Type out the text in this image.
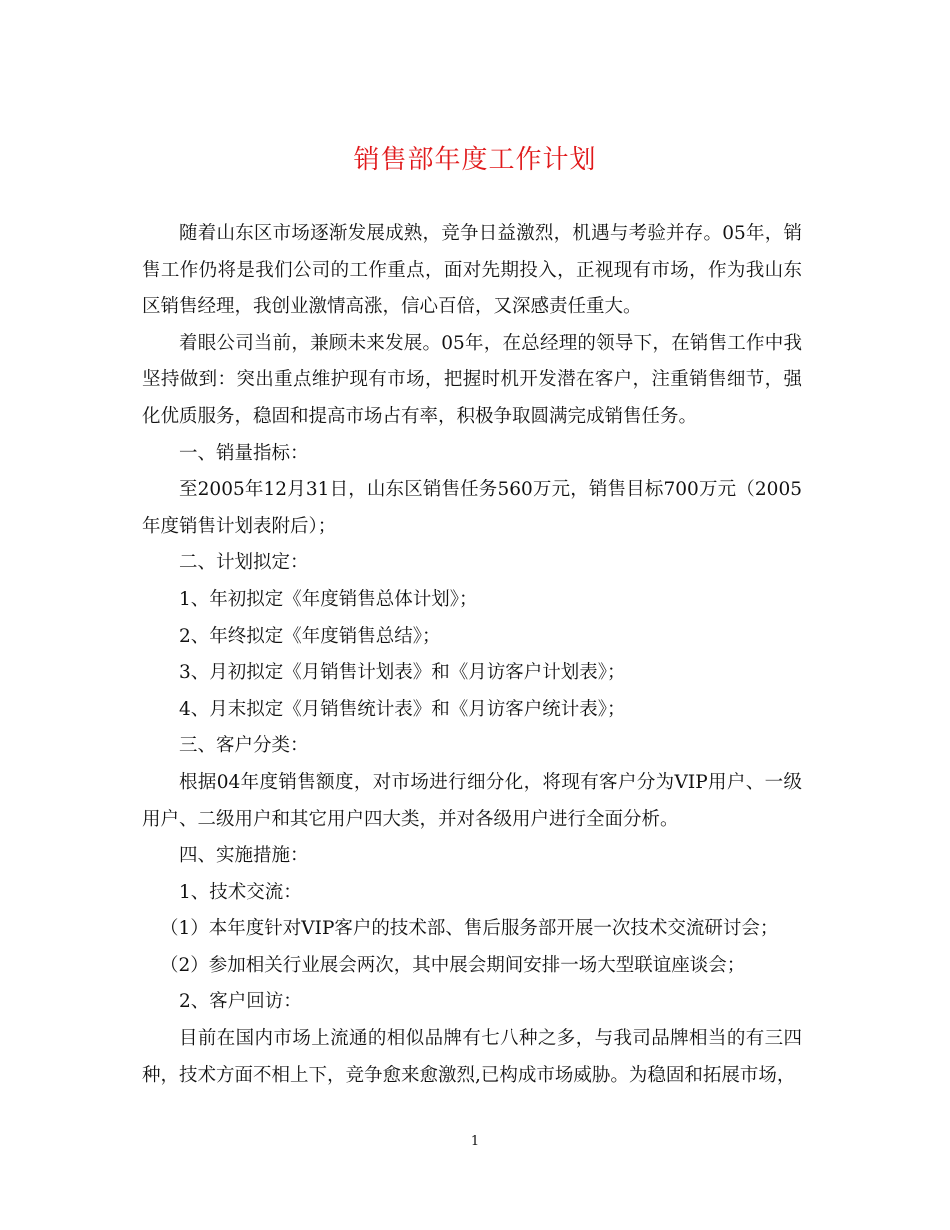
销售部年度工作计划

随着山东区市场逐渐发展成熟，竞争日益激烈，机遇与考验并存。05年，销售工作仍将是我们公司的工作重点，面对先期投入，正视现有市场，作为我山东区销售经理，我创业激情高涨，信心百倍，又深感责任重大。

着眼公司当前，兼顾未来发展。05年，在总经理的领导下，在销售工作中我坚持做到：突出重点维护现有市场，把握时机开发潜在客户，注重销售细节，强化优质服务，稳固和提高市场占有率，积极争取圆满完成销售任务。

一、销量指标：

至2005年12月31日，山东区销售任务560万元，销售目标700万元（2005年度销售计划表附后）；

二、计划拟定：

1、年初拟定《年度销售总体计划》；

2、年终拟定《年度销售总结》；

3、月初拟定《月销售计划表》和《月访客户计划表》；

4、月末拟定《月销售统计表》和《月访客户统计表》；

三、客户分类：

根据04年度销售额度，对市场进行细分化，将现有客户分为VIP用户、一级用户、二级用户和其它用户四大类，并对各级用户进行全面分析。

四、实施措施：

1、技术交流：

（1）本年度针对VIP客户的技术部、售后服务部开展一次技术交流研讨会；

（2）参加相关行业展会两次，其中展会期间安排一场大型联谊座谈会；

2、客户回访：

目前在国内市场上流通的相似品牌有七八种之多，与我司品牌相当的有三四种，技术方面不相上下，竞争愈来愈激烈,已构成市场威胁。为稳固和拓展市场，

1
